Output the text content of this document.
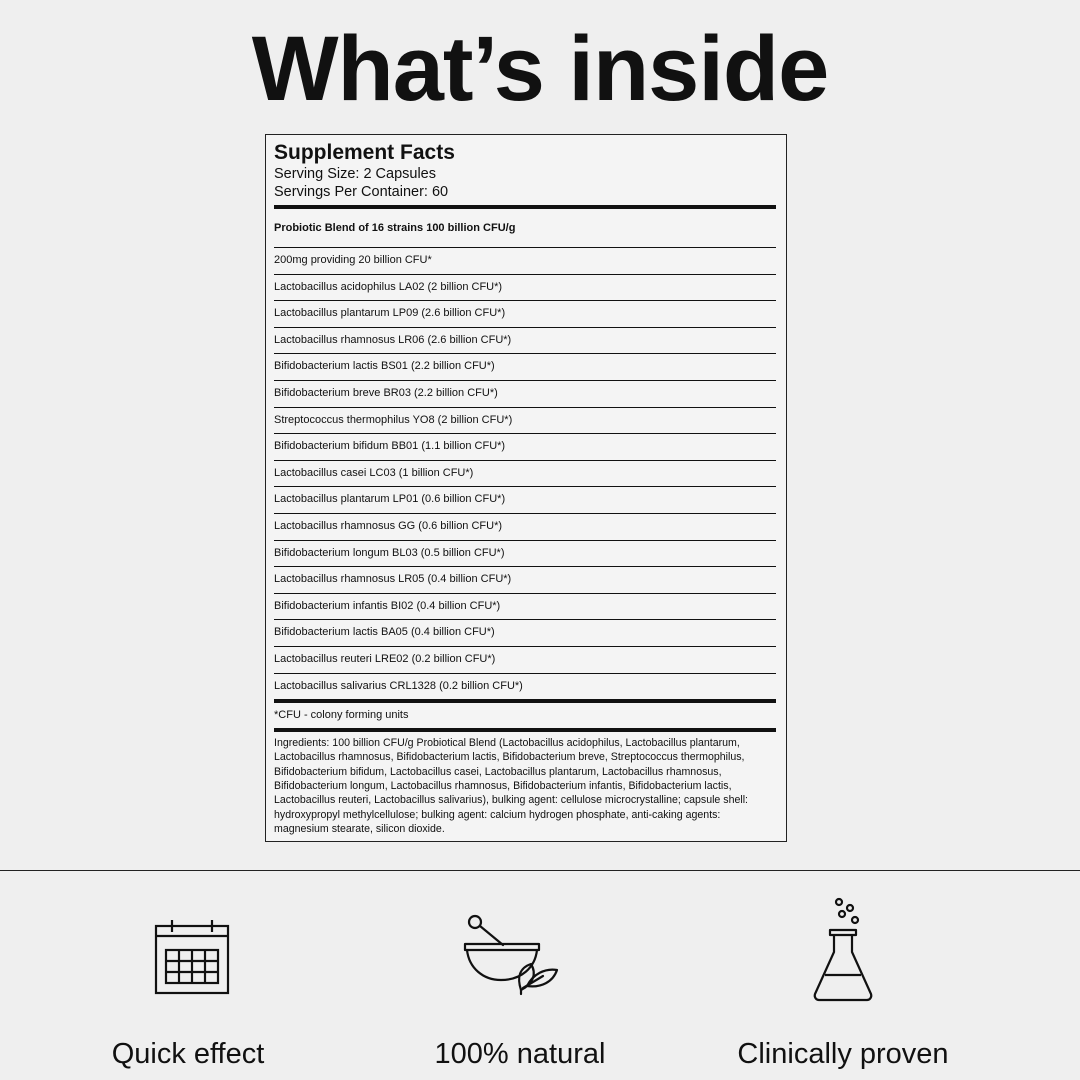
What’s inside
Supplement Facts
Serving Size: 2 Capsules
Servings Per Container: 60
Probiotic Blend of 16 strains 100 billion CFU/g
200mg providing 20 billion CFU*
Lactobacillus acidophilus LA02 (2 billion CFU*)
Lactobacillus plantarum LP09 (2.6 billion CFU*)
Lactobacillus rhamnosus LR06 (2.6 billion CFU*)
Bifidobacterium lactis BS01 (2.2 billion CFU*)
Bifidobacterium breve BR03 (2.2 billion CFU*)
Streptococcus thermophilus YO8 (2 billion CFU*)
Bifidobacterium bifidum BB01 (1.1 billion CFU*)
Lactobacillus casei LC03 (1 billion CFU*)
Lactobacillus plantarum LP01 (0.6 billion CFU*)
Lactobacillus rhamnosus GG (0.6 billion CFU*)
Bifidobacterium longum BL03 (0.5 billion CFU*)
Lactobacillus rhamnosus LR05 (0.4 billion CFU*)
Bifidobacterium infantis BI02 (0.4 billion CFU*)
Bifidobacterium lactis BA05 (0.4 billion CFU*)
Lactobacillus reuteri LRE02 (0.2 billion CFU*)
Lactobacillus salivarius CRL1328 (0.2 billion CFU*)
*CFU - colony forming units
Ingredients: 100 billion CFU/g Probiotical Blend (Lactobacillus acidophilus, Lactobacillus plantarum, Lactobacillus rhamnosus, Bifidobacterium lactis, Bifidobacterium breve, Streptococcus thermophilus, Bifidobacterium bifidum, Lactobacillus casei, Lactobacillus plantarum, Lactobacillus rhamnosus, Bifidobacterium longum, Lactobacillus rhamnosus, Bifidobacterium infantis, Bifidobacterium lactis, Lactobacillus reuteri, Lactobacillus salivarius), bulking agent: cellulose microcrystalline; capsule shell: hydroxypropyl methylcellulose; bulking agent: calcium hydrogen phosphate, anti-caking agents: magnesium stearate, silicon dioxide.
Quick effect	100% natural	Clinically proven
